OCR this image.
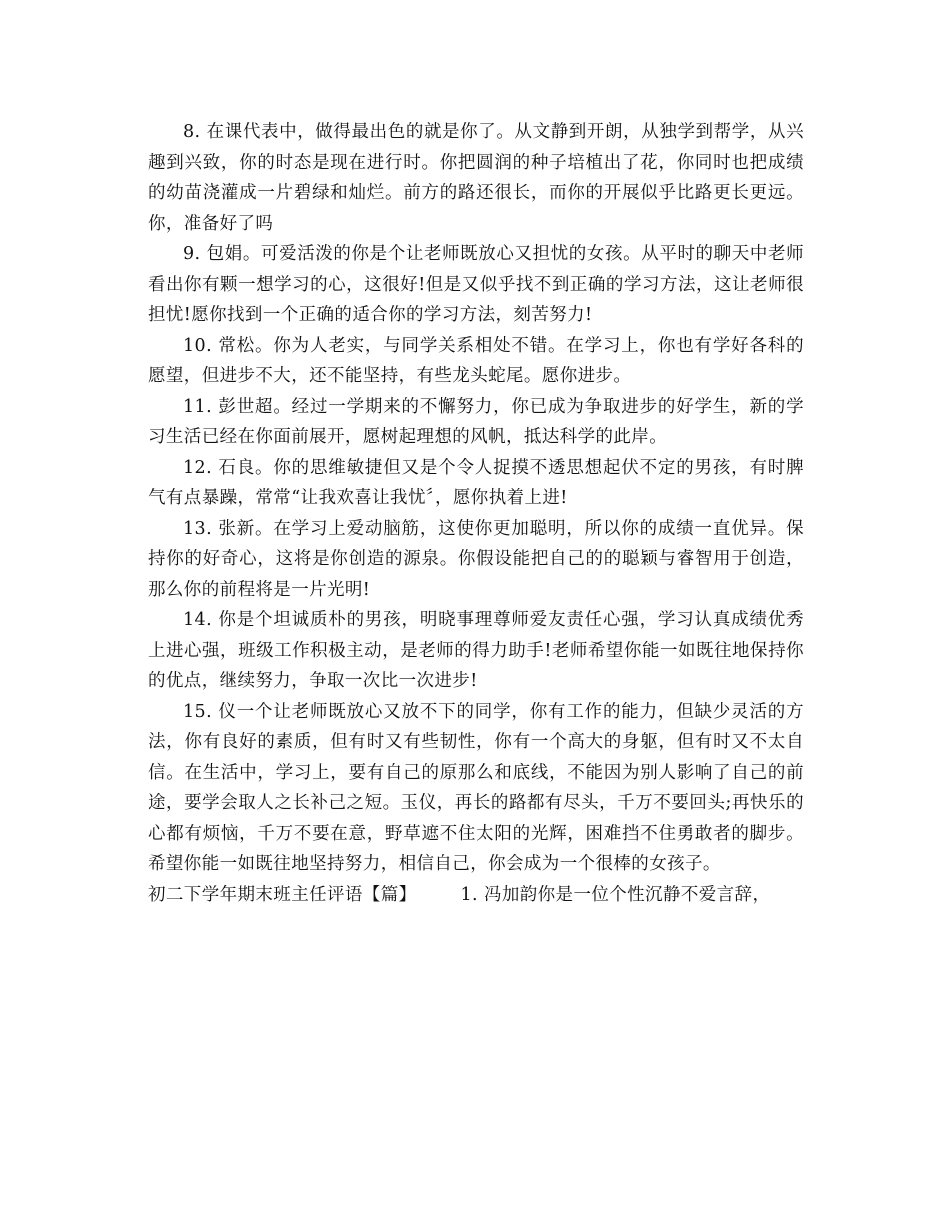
8. 在课代表中，做得最出色的就是你了。从文静到开朗，从独学到帮学，从兴趣到兴致，你的时态是现在进行时。你把圆润的种子培植出了花，你同时也把成绩的幼苗浇灌成一片碧绿和灿烂。前方的路还很长，而你的开展似乎比路更长更远。你，准备好了吗

9. 包娟。可爱活泼的你是个让老师既放心又担忧的女孩。从平时的聊天中老师看出你有颗一想学习的心，这很好!但是又似乎找不到正确的学习方法，这让老师很担忧!愿你找到一个正确的适合你的学习方法，刻苦努力!

10. 常松。你为人老实，与同学关系相处不错。在学习上，你也有学好各科的愿望，但进步不大，还不能坚持，有些龙头蛇尾。愿你进步。

11. 彭世超。经过一学期来的不懈努力，你已成为争取进步的好学生，新的学习生活已经在你面前展开，愿树起理想的风帆，抵达科学的此岸。

12. 石良。你的思维敏捷但又是个令人捉摸不透思想起伏不定的男孩，有时脾气有点暴躁，常常“让我欢喜让我忧〞，愿你执着上进!

13. 张新。在学习上爱动脑筋，这使你更加聪明，所以你的成绩一直优异。保持你的好奇心，这将是你创造的源泉。你假设能把自己的的聪颖与睿智用于创造，那么你的前程将是一片光明!

14. 你是个坦诚质朴的男孩，明晓事理尊师爱友责任心强，学习认真成绩优秀上进心强，班级工作积极主动，是老师的得力助手!老师希望你能一如既往地保持你的优点，继续努力，争取一次比一次进步!

15. 仪一个让老师既放心又放不下的同学，你有工作的能力，但缺少灵活的方法，你有良好的素质，但有时又有些韧性，你有一个高大的身躯，但有时又不太自信。在生活中，学习上，要有自己的原那么和底线，不能因为别人影响了自己的前途，要学会取人之长补己之短。玉仪，再长的路都有尽头，千万不要回头;再快乐的心都有烦恼，千万不要在意，野草遮不住太阳的光辉，困难挡不住勇敢者的脚步。希望你能一如既往地坚持努力，相信自己，你会成为一个很棒的女孩子。

初二下学年期末班主任评语【篇】	1. 冯加韵你是一位个性沉静不爱言辞，
